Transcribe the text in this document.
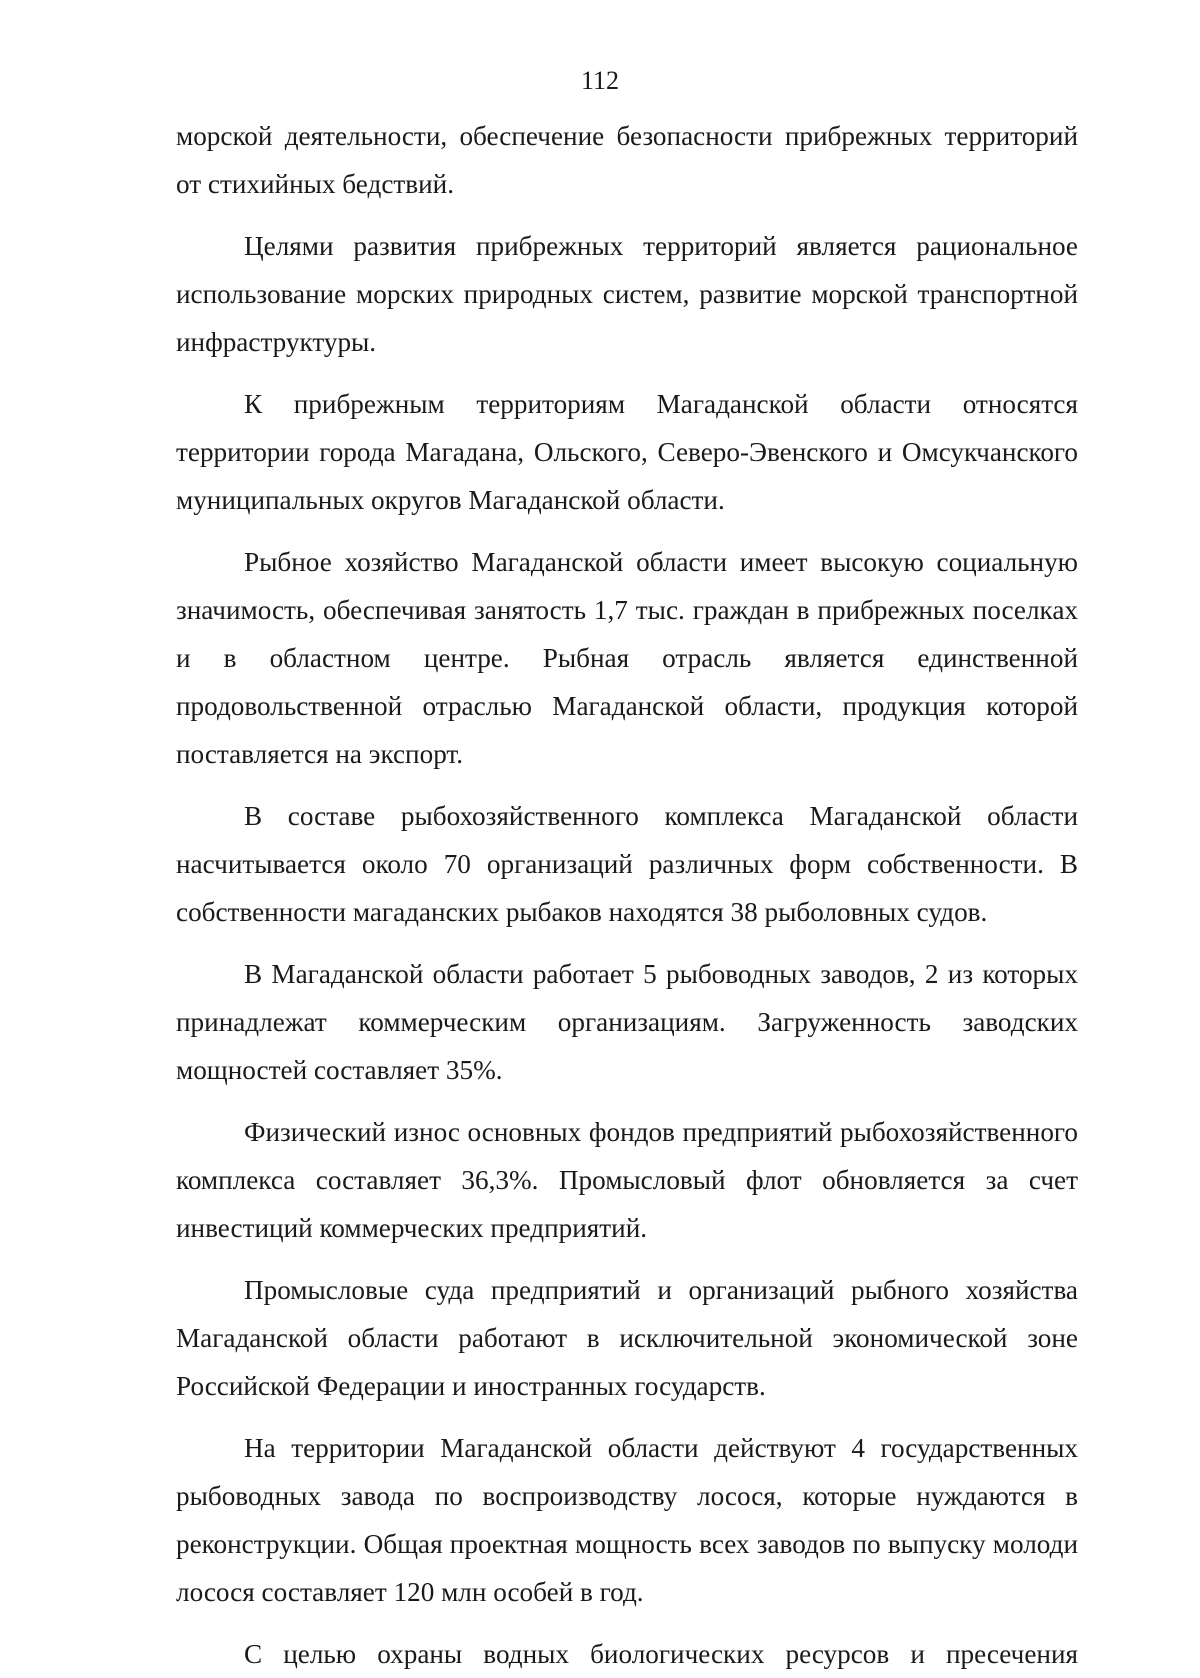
112

морской деятельности, обеспечение безопасности прибрежных территорий от стихийных бедствий.

Целями развития прибрежных территорий является рациональное использование морских природных систем, развитие морской транспортной инфраструктуры.

К прибрежным территориям Магаданской области относятся территории города Магадана, Ольского, Северо-Эвенского и Омсукчанского муниципальных округов Магаданской области.

Рыбное хозяйство Магаданской области имеет высокую социальную значимость, обеспечивая занятость 1,7 тыс. граждан в прибрежных поселках и в областном центре. Рыбная отрасль является единственной продовольственной отраслью Магаданской области, продукция которой поставляется на экспорт.

В составе рыбохозяйственного комплекса Магаданской области насчитывается около 70 организаций различных форм собственности. В собственности магаданских рыбаков находятся 38 рыболовных судов.

В Магаданской области работает 5 рыбоводных заводов, 2 из которых принадлежат коммерческим организациям. Загруженность заводских мощностей составляет 35%.

Физический износ основных фондов предприятий рыбохозяйственного комплекса составляет 36,3%. Промысловый флот обновляется за счет инвестиций коммерческих предприятий.

Промысловые суда предприятий и организаций рыбного хозяйства Магаданской области работают в исключительной экономической зоне Российской Федерации и иностранных государств.

На территории Магаданской области действуют 4 государственных рыбоводных завода по воспроизводству лосося, которые нуждаются в реконструкции. Общая проектная мощность всех заводов по выпуску молоди лосося составляет 120 млн особей в год.

С целью охраны водных биологических ресурсов и пресечения
